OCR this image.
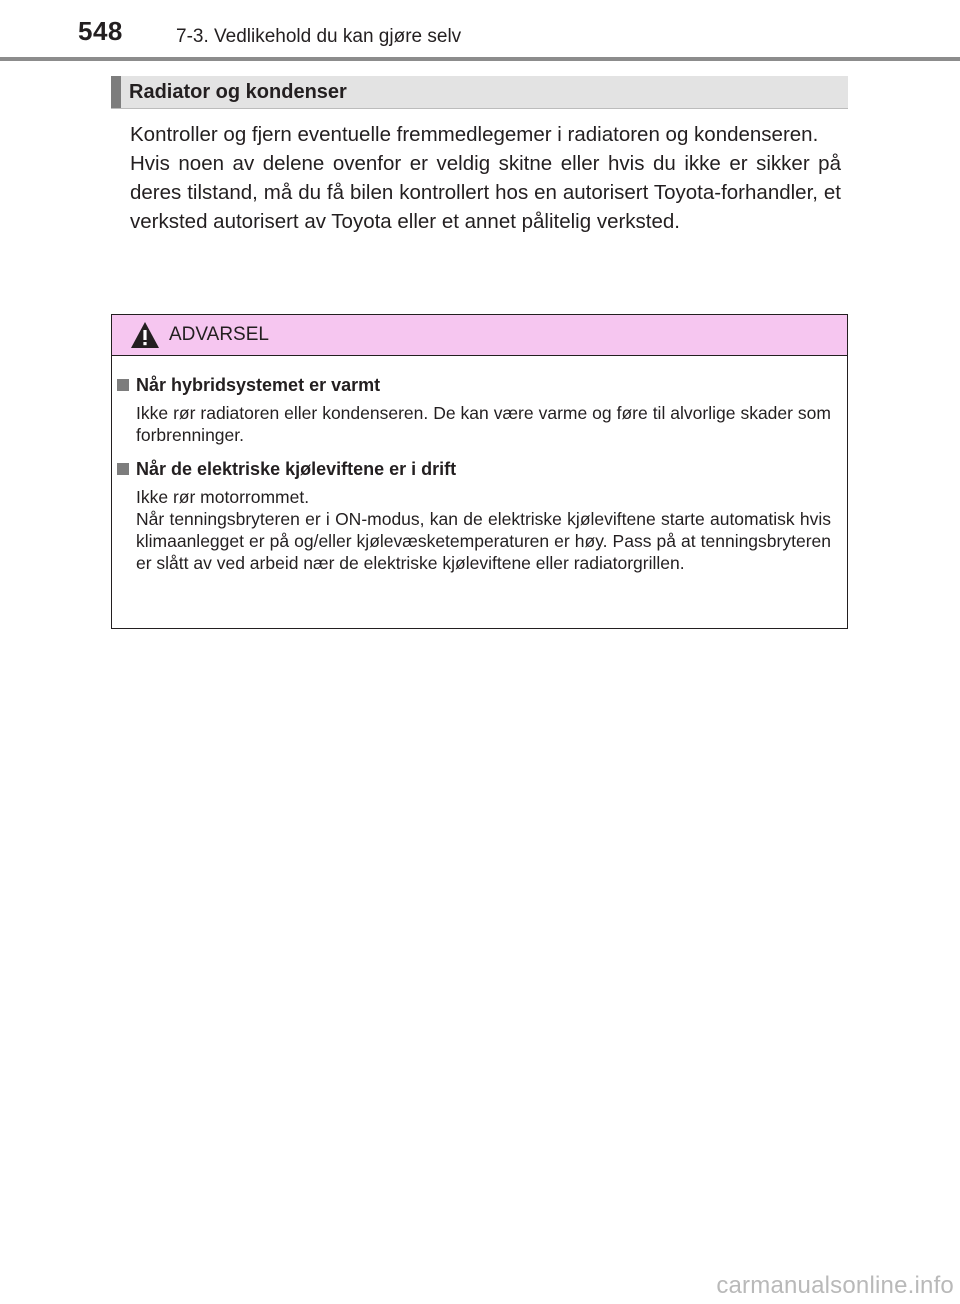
548	7-3. Vedlikehold du kan gjøre selv
Radiator og kondenser

Kontroller og fjern eventuelle fremmedlegemer i radiatoren og kondenseren.

Hvis noen av delene ovenfor er veldig skitne eller hvis du ikke er sikker på deres tilstand, må du få bilen kontrollert hos en autorisert Toyota-forhandler, et verksted autorisert av Toyota eller et annet pålitelig verksted.

ADVARSEL
Når hybridsystemet er varmt

Ikke rør radiatoren eller kondenseren. De kan være varme og føre til alvorlige skader som forbrenninger.

Når de elektriske kjøleviftene er i drift

Ikke rør motorrommet.

Når tenningsbryteren er i ON-modus, kan de elektriske kjøleviftene starte automatisk hvis klimaanlegget er på og/eller kjølevæsketemperaturen er høy. Pass på at tenningsbryteren er slått av ved arbeid nær de elektriske kjøleviftene eller radiatorgrillen.

carmanualsonline.info
